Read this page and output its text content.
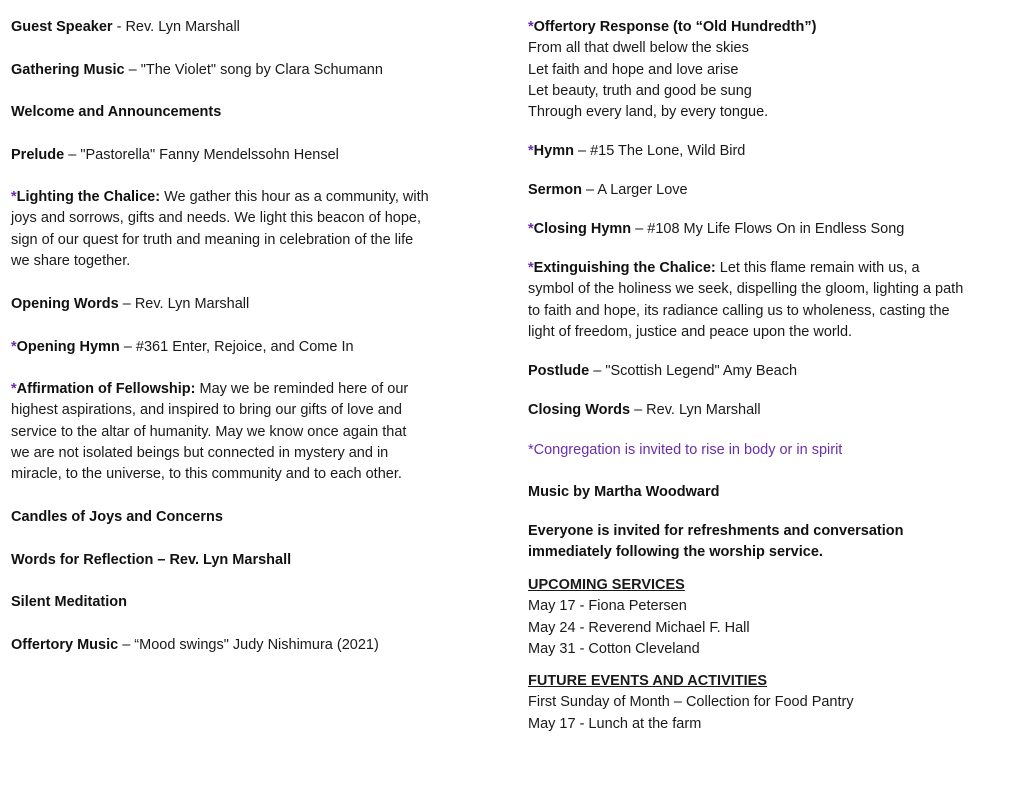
Guest Speaker - Rev. Lyn Marshall
Gathering Music – "The Violet" song by Clara Schumann
Welcome and Announcements
Prelude – "Pastorella" Fanny Mendelssohn Hensel
*Lighting the Chalice: We gather this hour as a community, with
joys and sorrows, gifts and needs. We light this beacon of hope,
sign of our quest for truth and meaning in celebration of the life
we share together.
Opening Words – Rev. Lyn Marshall
*Opening Hymn – #361 Enter, Rejoice, and Come In
*Affirmation of Fellowship: May we be reminded here of our
highest aspirations, and inspired to bring our gifts of love and
service to the altar of humanity. May we know once again that
we are not isolated beings but connected in mystery and in
miracle, to the universe, to this community and to each other.
Candles of Joys and Concerns
Words for Reflection – Rev. Lyn Marshall
Silent Meditation
Offertory Music – “Mood swings" Judy Nishimura (2021)
*Offertory Response (to “Old Hundredth”)
From all that dwell below the skies
Let faith and hope and love arise
Let beauty, truth and good be sung
Through every land, by every tongue.
*Hymn – #15 The Lone, Wild Bird
Sermon – A Larger Love
*Closing Hymn – #108 My Life Flows On in Endless Song
*Extinguishing the Chalice: Let this flame remain with us, a
symbol of the holiness we seek, dispelling the gloom, lighting a path
to faith and hope, its radiance calling us to wholeness, casting the
light of freedom, justice and peace upon the world.
Postlude – "Scottish Legend" Amy Beach
Closing Words – Rev. Lyn Marshall
*Congregation is invited to rise in body or in spirit
Music by Martha Woodward
Everyone is invited for refreshments and conversation
immediately following the worship service.
UPCOMING SERVICES
May 17 - Fiona Petersen
May 24 - Reverend Michael F. Hall
May 31 - Cotton Cleveland
FUTURE EVENTS AND ACTIVITIES
First Sunday of Month – Collection for Food Pantry
May 17 - Lunch at the farm
